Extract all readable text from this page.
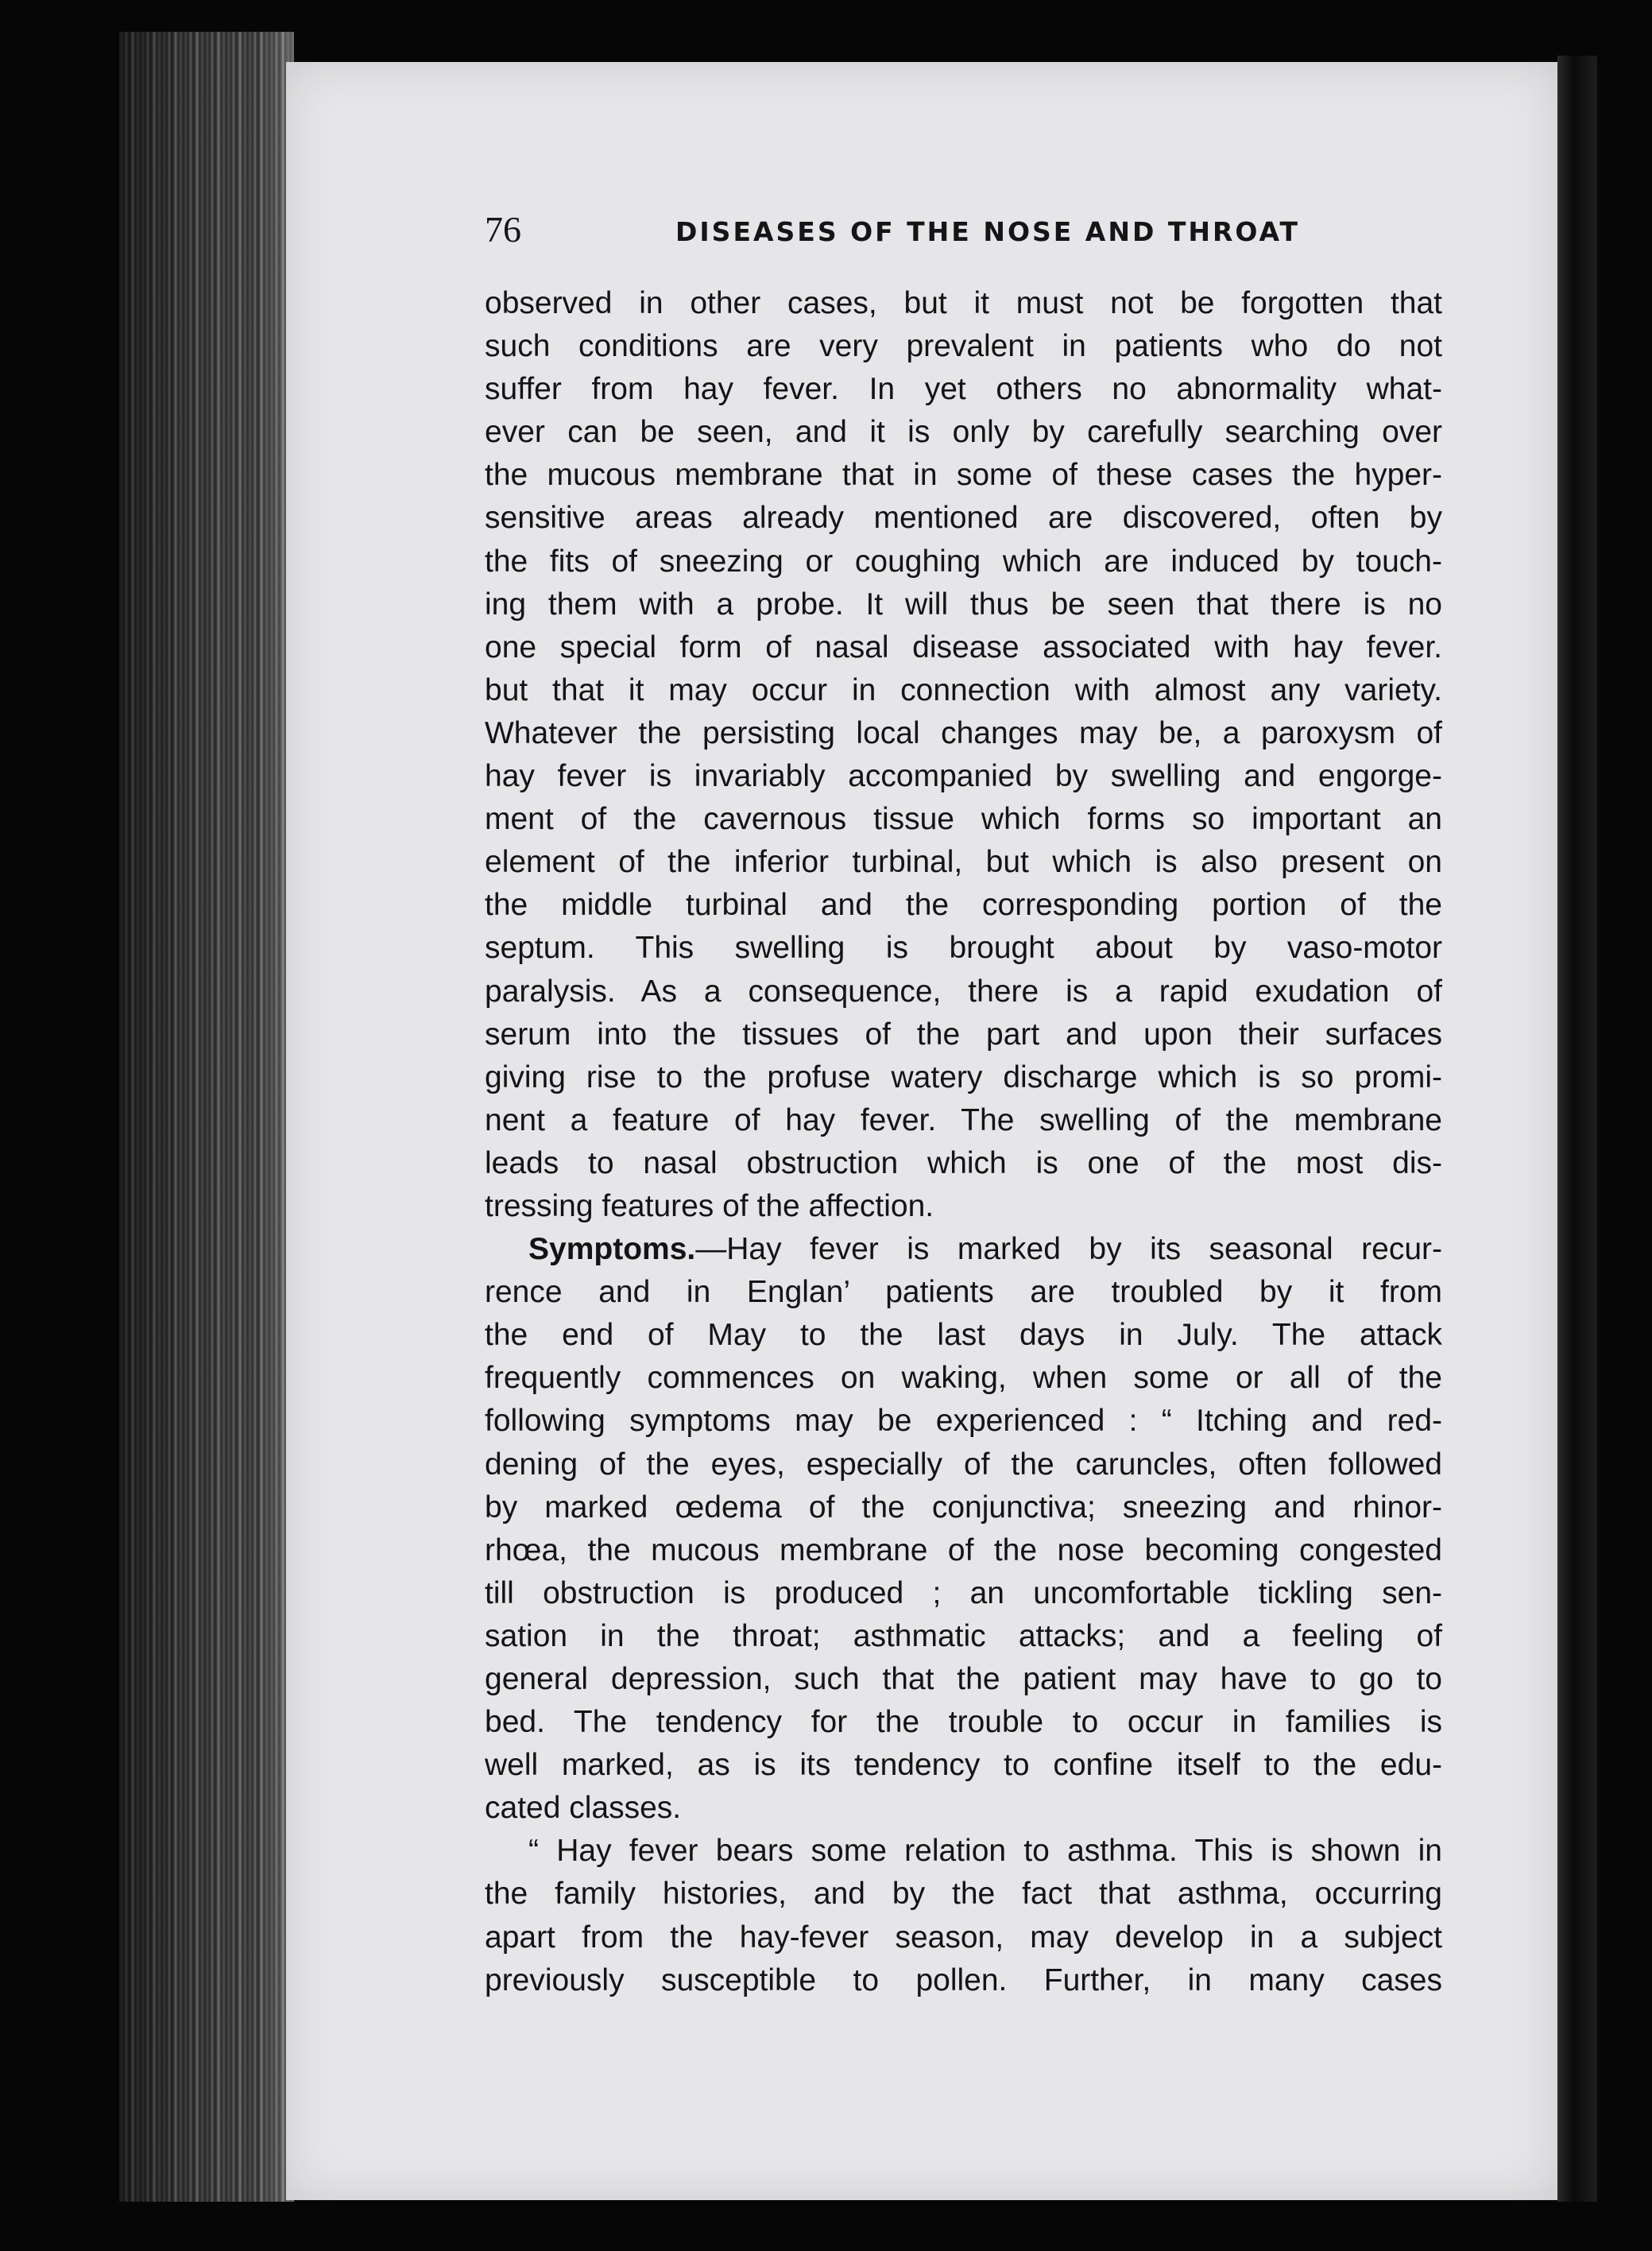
76	DISEASES OF THE NOSE AND THROAT
observed in other cases, but it must not be forgotten that
such conditions are very prevalent in patients who do not
suffer from hay fever. In yet others no abnormality what-
ever can be seen, and it is only by carefully searching over
the mucous membrane that in some of these cases the hyper-
sensitive areas already mentioned are discovered, often by
the fits of sneezing or coughing which are induced by touch-
ing them with a probe. It will thus be seen that there is no
one special form of nasal disease associated with hay fever.
but that it may occur in connection with almost any variety.
Whatever the persisting local changes may be, a paroxysm of
hay fever is invariably accompanied by swelling and engorge-
ment of the cavernous tissue which forms so important an
element of the inferior turbinal, but which is also present on
the middle turbinal and the corresponding portion of the
septum. This swelling is brought about by vaso-motor
paralysis. As a consequence, there is a rapid exudation of
serum into the tissues of the part and upon their surfaces
giving rise to the profuse watery discharge which is so promi-
nent a feature of hay fever. The swelling of the membrane
leads to nasal obstruction which is one of the most dis-
tressing features of the affection.
Symptoms.—Hay fever is marked by its seasonal recur-
rence and in Englan’ patients are troubled by it from
the end of May to the last days in July. The attack
frequently commences on waking, when some or all of the
following symptoms may be experienced : “ Itching and red-
dening of the eyes, especially of the caruncles, often followed
by marked œdema of the conjunctiva; sneezing and rhinor-
rhœa, the mucous membrane of the nose becoming congested
till obstruction is produced ; an uncomfortable tickling sen-
sation in the throat; asthmatic attacks; and a feeling of
general depression, such that the patient may have to go to
bed. The tendency for the trouble to occur in families is
well marked, as is its tendency to confine itself to the edu-
cated classes.
“ Hay fever bears some relation to asthma. This is shown in
the family histories, and by the fact that asthma, occurring
apart from the hay-fever season, may develop in a subject
previously susceptible to pollen. Further, in many cases
